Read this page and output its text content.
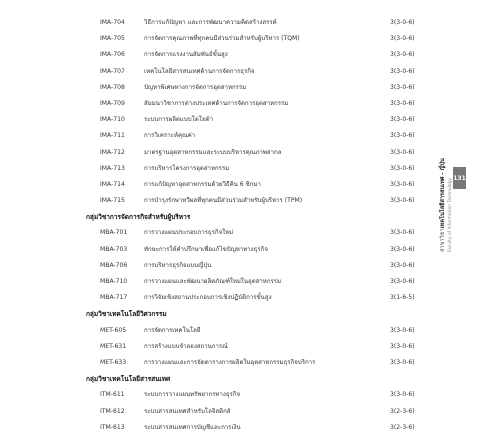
IMA-704	วิธีการแก้ปัญหา และการพัฒนาความคิดสร้างสรรค์	3(3-0-6)
IMA-705	การจัดการคุณภาพที่ทุกคนมีส่วนร่วมสำหรับผู้บริหาร (TQM)	3(3-0-6)
IMA-706	การจัดการแรงงานสัมพันธ์ขั้นสูง	3(3-0-6)
IMA-707	เทคโนโลยีสารสนเทศด้านการจัดการธุรกิจ	3(3-0-6)
IMA-708	ปัญหาพิเศษทางการจัดการอุตสาหกรรม	3(3-0-6)
IMA-709	สัมมนาวิชาการต่างประเทศด้านการจัดการอุตสาหกรรม	3(3-0-6)
IMA-710	ระบบการผลิตแบบโตโยต้า	3(3-0-6)
IMA-711	การวิเคราะห์คุณค่า	3(3-0-6)
IMA-712	มาตรฐานอุตสาหกรรมและระบบบริหารคุณภาพสากล	3(3-0-6)
IMA-713	การบริหารโครงการอุตสาหกรรม	3(3-0-6)
IMA-714	การแก้ปัญหาอุตสาหกรรมด้วยวิธีคิน 6 ซิกมา	3(3-0-6)
IMA-715	การบำรุงรักษาทวีผลที่ทุกคนมีส่วนร่วมสำหรับผู้บริหาร (TPM)	3(3-0-6)
กลุ่มวิชาการจัดการกิจสำหรับผู้บริหาร
MBA-701	การวางแผนประกอบการธุรกิจใหม่	3(3-0-6)
MBA-703	ทักษะการให้คำปรึกษาเพื่อแก้ไขปัญหาทางธุรกิจ	3(3-0-6)
MBA-706	การบริหารธุรกิจแบบญี่ปุ่น	3(3-0-6)
MBA-710	การวางแผนและพัฒนาผลิตภัณฑ์ใหม่ในอุตสาหกรรม	3(3-0-6)
MBA-717	การวิจัยเชิงสถานประกอบการเชิงปฏิบัติการขั้นสูง	3(1-6-5)
กลุ่มวิชาเทคโนโลยีวิศวกรรม
MET-605	การจัดการเทคโนโลยี	3(3-0-6)
MET-631	การสร้างแบบจำลองสถานการณ์	3(3-0-6)
MET-633	การวางแผนและการจัดตารางการผลิตในอุตสาหกรรมธุรกิจบริการ	3(3-0-6)
กลุ่มวิชาเทคโนโลยีสารสนเทศ
ITM-611	ระบบการวางแผนทรัพยากรทางธุรกิจ	3(3-0-6)
ITM-612	ระบบสารสนเทศสำหรับโลจิสติกส์	3(2-3-6)
ITM-613	ระบบสารสนเทศการบัญชีและการเงิน	3(2-3-6)
131
สาขาวิชาเทคโนโลยีสารสนเทศ - ญี่ปุ่น Faculty of Information Technology
